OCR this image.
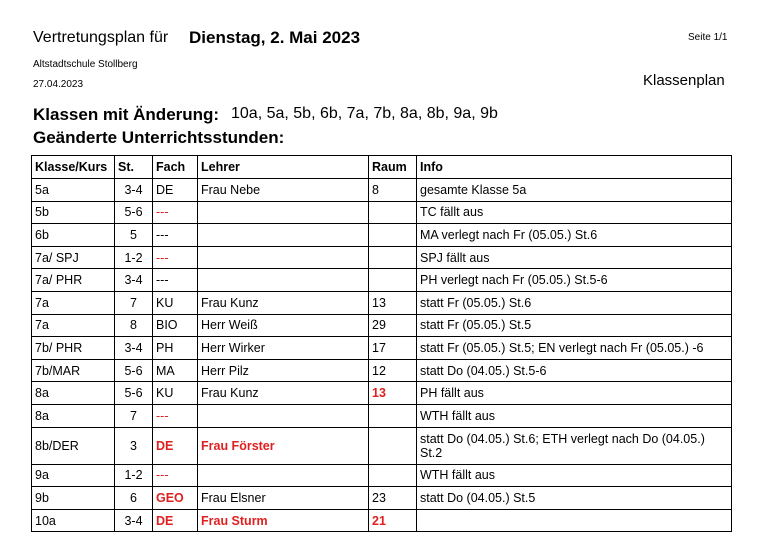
Vertretungsplan für Dienstag, 2. Mai 2023	Seite 1/1
Altstadtschule Stollberg
27.04.2023	Klassenplan
Klassen mit Änderung: 10a, 5a, 5b, 6b, 7a, 7b, 8a, 8b, 9a, 9b
Geänderte Unterrichtsstunden:
Klasse/Kurs	St.	Fach	Lehrer	Raum	Info
5a	3-4	DE	Frau Nebe	8	gesamte Klasse 5a
5b	5-6	---			TC fällt aus
6b	5	---			MA verlegt nach Fr (05.05.) St.6
7a/ SPJ	1-2	---			SPJ fällt aus
7a/ PHR	3-4	---			PH verlegt nach Fr (05.05.) St.5-6
7a	7	KU	Frau Kunz	13	statt Fr (05.05.) St.6
7a	8	BIO	Herr Weiß	29	statt Fr (05.05.) St.5
7b/ PHR	3-4	PH	Herr Wirker	17	statt Fr (05.05.) St.5; EN verlegt nach Fr (05.05.) -6
7b/MAR	5-6	MA	Herr Pilz	12	statt Do (04.05.) St.5-6
8a	5-6	KU	Frau Kunz	13	PH fällt aus
8a	7	---			WTH fällt aus
8b/DER	3	DE	Frau Förster		statt Do (04.05.) St.6; ETH verlegt nach Do (04.05.) St.2
9a	1-2	---			WTH fällt aus
9b	6	GEO	Frau Elsner	23	statt Do (04.05.) St.5
10a	3-4	DE	Frau Sturm	21	
